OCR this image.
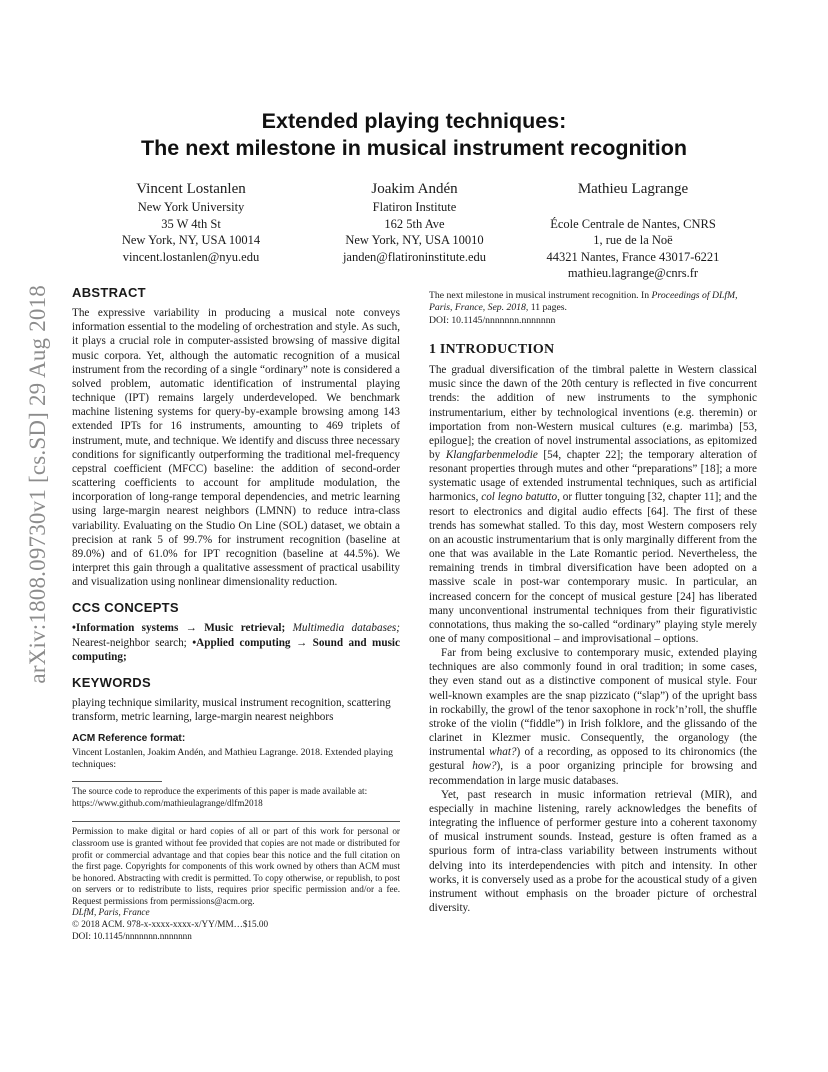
arXiv:1808.09730v1 [cs.SD] 29 Aug 2018
Extended playing techniques:
The next milestone in musical instrument recognition
Vincent Lostanlen
New York University
35 W 4th St
New York, NY, USA 10014
vincent.lostanlen@nyu.edu
Joakim Andén
Flatiron Institute
162 5th Ave
New York, NY, USA 10010
janden@flatironinstitute.edu
Mathieu Lagrange
École Centrale de Nantes, CNRS
1, rue de la Noë
44321 Nantes, France 43017-6221
mathieu.lagrange@cnrs.fr
ABSTRACT

The expressive variability in producing a musical note conveys information essential to the modeling of orchestration and style. As such, it plays a crucial role in computer-assisted browsing of massive digital music corpora. Yet, although the automatic recognition of a musical instrument from the recording of a single “ordinary” note is considered a solved problem, automatic identification of instrumental playing technique (IPT) remains largely underdeveloped. We benchmark machine listening systems for query-by-example browsing among 143 extended IPTs for 16 instruments, amounting to 469 triplets of instrument, mute, and technique. We identify and discuss three necessary conditions for significantly outperforming the traditional mel-frequency cepstral coefficient (MFCC) baseline: the addition of second-order scattering coefficients to account for amplitude modulation, the incorporation of long-range temporal dependencies, and metric learning using large-margin nearest neighbors (LMNN) to reduce intra-class variability. Evaluating on the Studio On Line (SOL) dataset, we obtain a precision at rank 5 of 99.7% for instrument recognition (baseline at 89.0%) and of 61.0% for IPT recognition (baseline at 44.5%). We interpret this gain through a qualitative assessment of practical usability and visualization using nonlinear dimensionality reduction.

CCS CONCEPTS

•Information systems → Music retrieval; Multimedia databases; Nearest-neighbor search; •Applied computing → Sound and music computing;

KEYWORDS

playing technique similarity, musical instrument recognition, scattering transform, metric learning, large-margin nearest neighbors

ACM Reference format:

Vincent Lostanlen, Joakim Andén, and Mathieu Lagrange. 2018. Extended playing techniques:

The source code to reproduce the experiments of this paper is made available at: https://www.github.com/mathieulagrange/dlfm2018

Permission to make digital or hard copies of all or part of this work for personal or classroom use is granted without fee provided that copies are not made or distributed for profit or commercial advantage and that copies bear this notice and the full citation on the first page. Copyrights for components of this work owned by others than ACM must be honored. Abstracting with credit is permitted. To copy otherwise, or republish, to post on servers or to redistribute to lists, requires prior specific permission and/or a fee. Request permissions from permissions@acm.org.

DLfM, Paris, France

© 2018 ACM. 978-x-xxxx-xxxx-x/YY/MM…$15.00

DOI: 10.1145/nnnnnnn.nnnnnnn

The next milestone in musical instrument recognition. In Proceedings of DLfM, Paris, France, Sep. 2018, 11 pages.

DOI: 10.1145/nnnnnnn.nnnnnnn

1 INTRODUCTION

The gradual diversification of the timbral palette in Western classical music since the dawn of the 20th century is reflected in five concurrent trends: the addition of new instruments to the symphonic instrumentarium, either by technological inventions (e.g. theremin) or importation from non-Western musical cultures (e.g. marimba) [53, epilogue]; the creation of novel instrumental associations, as epitomized by Klangfarbenmelodie [54, chapter 22]; the temporary alteration of resonant properties through mutes and other “preparations” [18]; a more systematic usage of extended instrumental techniques, such as artificial harmonics, col legno batutto, or flutter tonguing [32, chapter 11]; and the resort to electronics and digital audio effects [64]. The first of these trends has somewhat stalled. To this day, most Western composers rely on an acoustic instrumentarium that is only marginally different from the one that was available in the Late Romantic period. Nevertheless, the remaining trends in timbral diversification have been adopted on a massive scale in post-war contemporary music. In particular, an increased concern for the concept of musical gesture [24] has liberated many unconventional instrumental techniques from their figurativistic connotations, thus making the so-called “ordinary” playing style merely one of many compositional – and improvisational – options.

Far from being exclusive to contemporary music, extended playing techniques are also commonly found in oral tradition; in some cases, they even stand out as a distinctive component of musical style. Four well-known examples are the snap pizzicato (“slap”) of the upright bass in rockabilly, the growl of the tenor saxophone in rock’n’roll, the shuffle stroke of the violin (“fiddle”) in Irish folklore, and the glissando of the clarinet in Klezmer music. Consequently, the organology (the instrumental what?) of a recording, as opposed to its chironomics (the gestural how?), is a poor organizing principle for browsing and recommendation in large music databases.

Yet, past research in music information retrieval (MIR), and especially in machine listening, rarely acknowledges the benefits of integrating the influence of performer gesture into a coherent taxonomy of musical instrument sounds. Instead, gesture is often framed as a spurious form of intra-class variability between instruments without delving into its interdependencies with pitch and intensity. In other works, it is conversely used as a probe for the acoustical study of a given instrument without emphasis on the broader picture of orchestral diversity.
